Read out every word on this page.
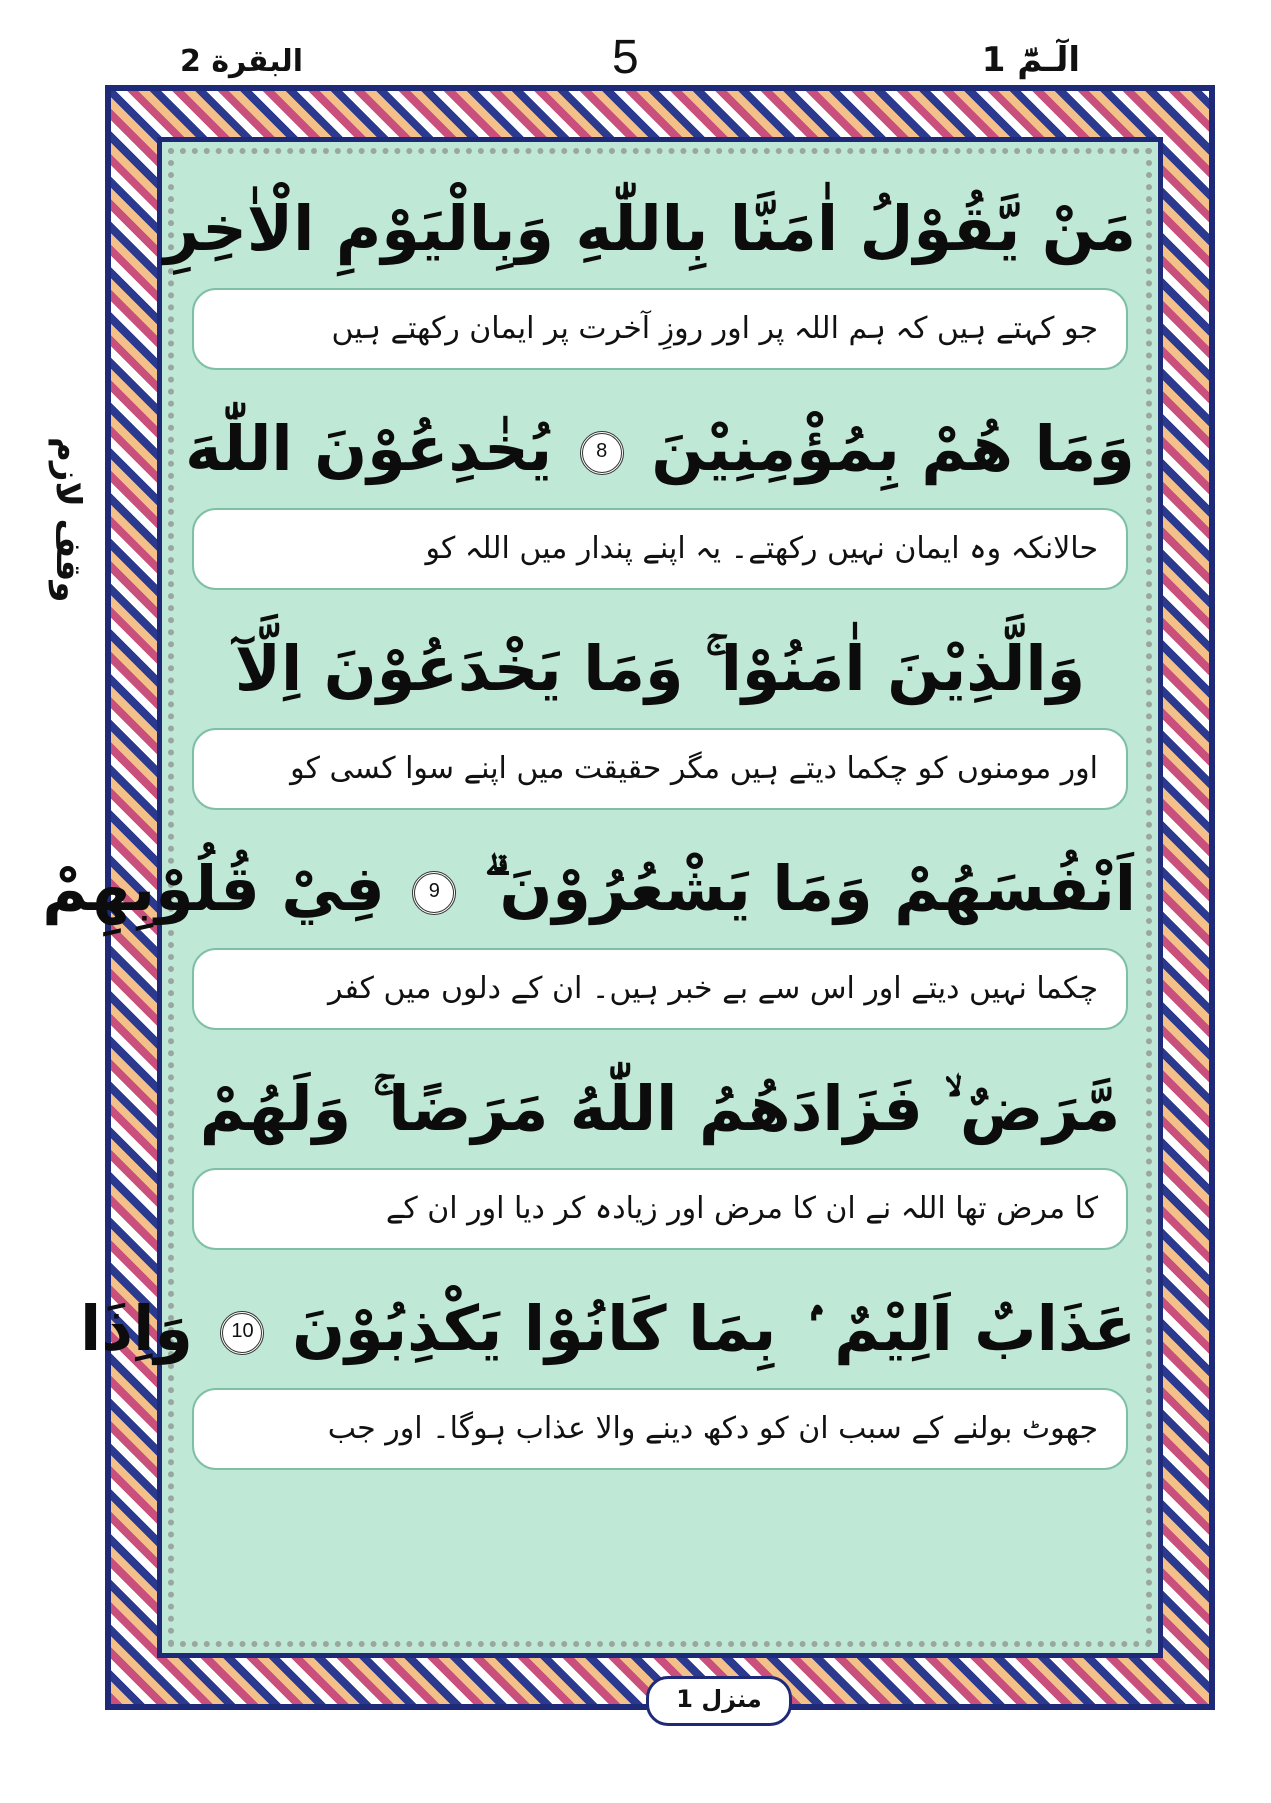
البقرة 2	5	الٓـمّٓ 1
وقف لازم
مَنْ يَّقُوْلُ اٰمَنَّا بِاللّٰهِ وَبِالْيَوْمِ الْاٰخِرِ
جو کہتے ہیں کہ ہم اللہ پر اور روزِ آخرت پر ایمان رکھتے ہیں
وَمَا هُمْ بِمُؤْمِنِيْنَ 8 يُخٰدِعُوْنَ اللّٰهَ
حالانکہ وہ ایمان نہیں رکھتے۔ یہ اپنے پندار میں اللہ کو
وَالَّذِيْنَ اٰمَنُوْا ۚ وَمَا يَخْدَعُوْنَ اِلَّآ
اور مومنوں کو چکما دیتے ہیں مگر حقیقت میں اپنے سوا کسی کو
اَنْفُسَهُمْ وَمَا يَشْعُرُوْنَ ۗ 9 فِيْ قُلُوْبِهِمْ
چکما نہیں دیتے اور اس سے بے خبر ہیں۔ ان کے دلوں میں کفر
مَّرَضٌ ۙ فَزَادَهُمُ اللّٰهُ مَرَضًا ۚ وَلَهُمْ
کا مرض تھا اللہ نے ان کا مرض اور زیادہ کر دیا اور ان کے
عَذَابٌ اَلِيْمٌ ۢ بِمَا كَانُوْا يَكْذِبُوْنَ 10 وَاِذَا
جھوٹ بولنے کے سبب ان کو دکھ دینے والا عذاب ہوگا۔ اور جب
منزل 1
